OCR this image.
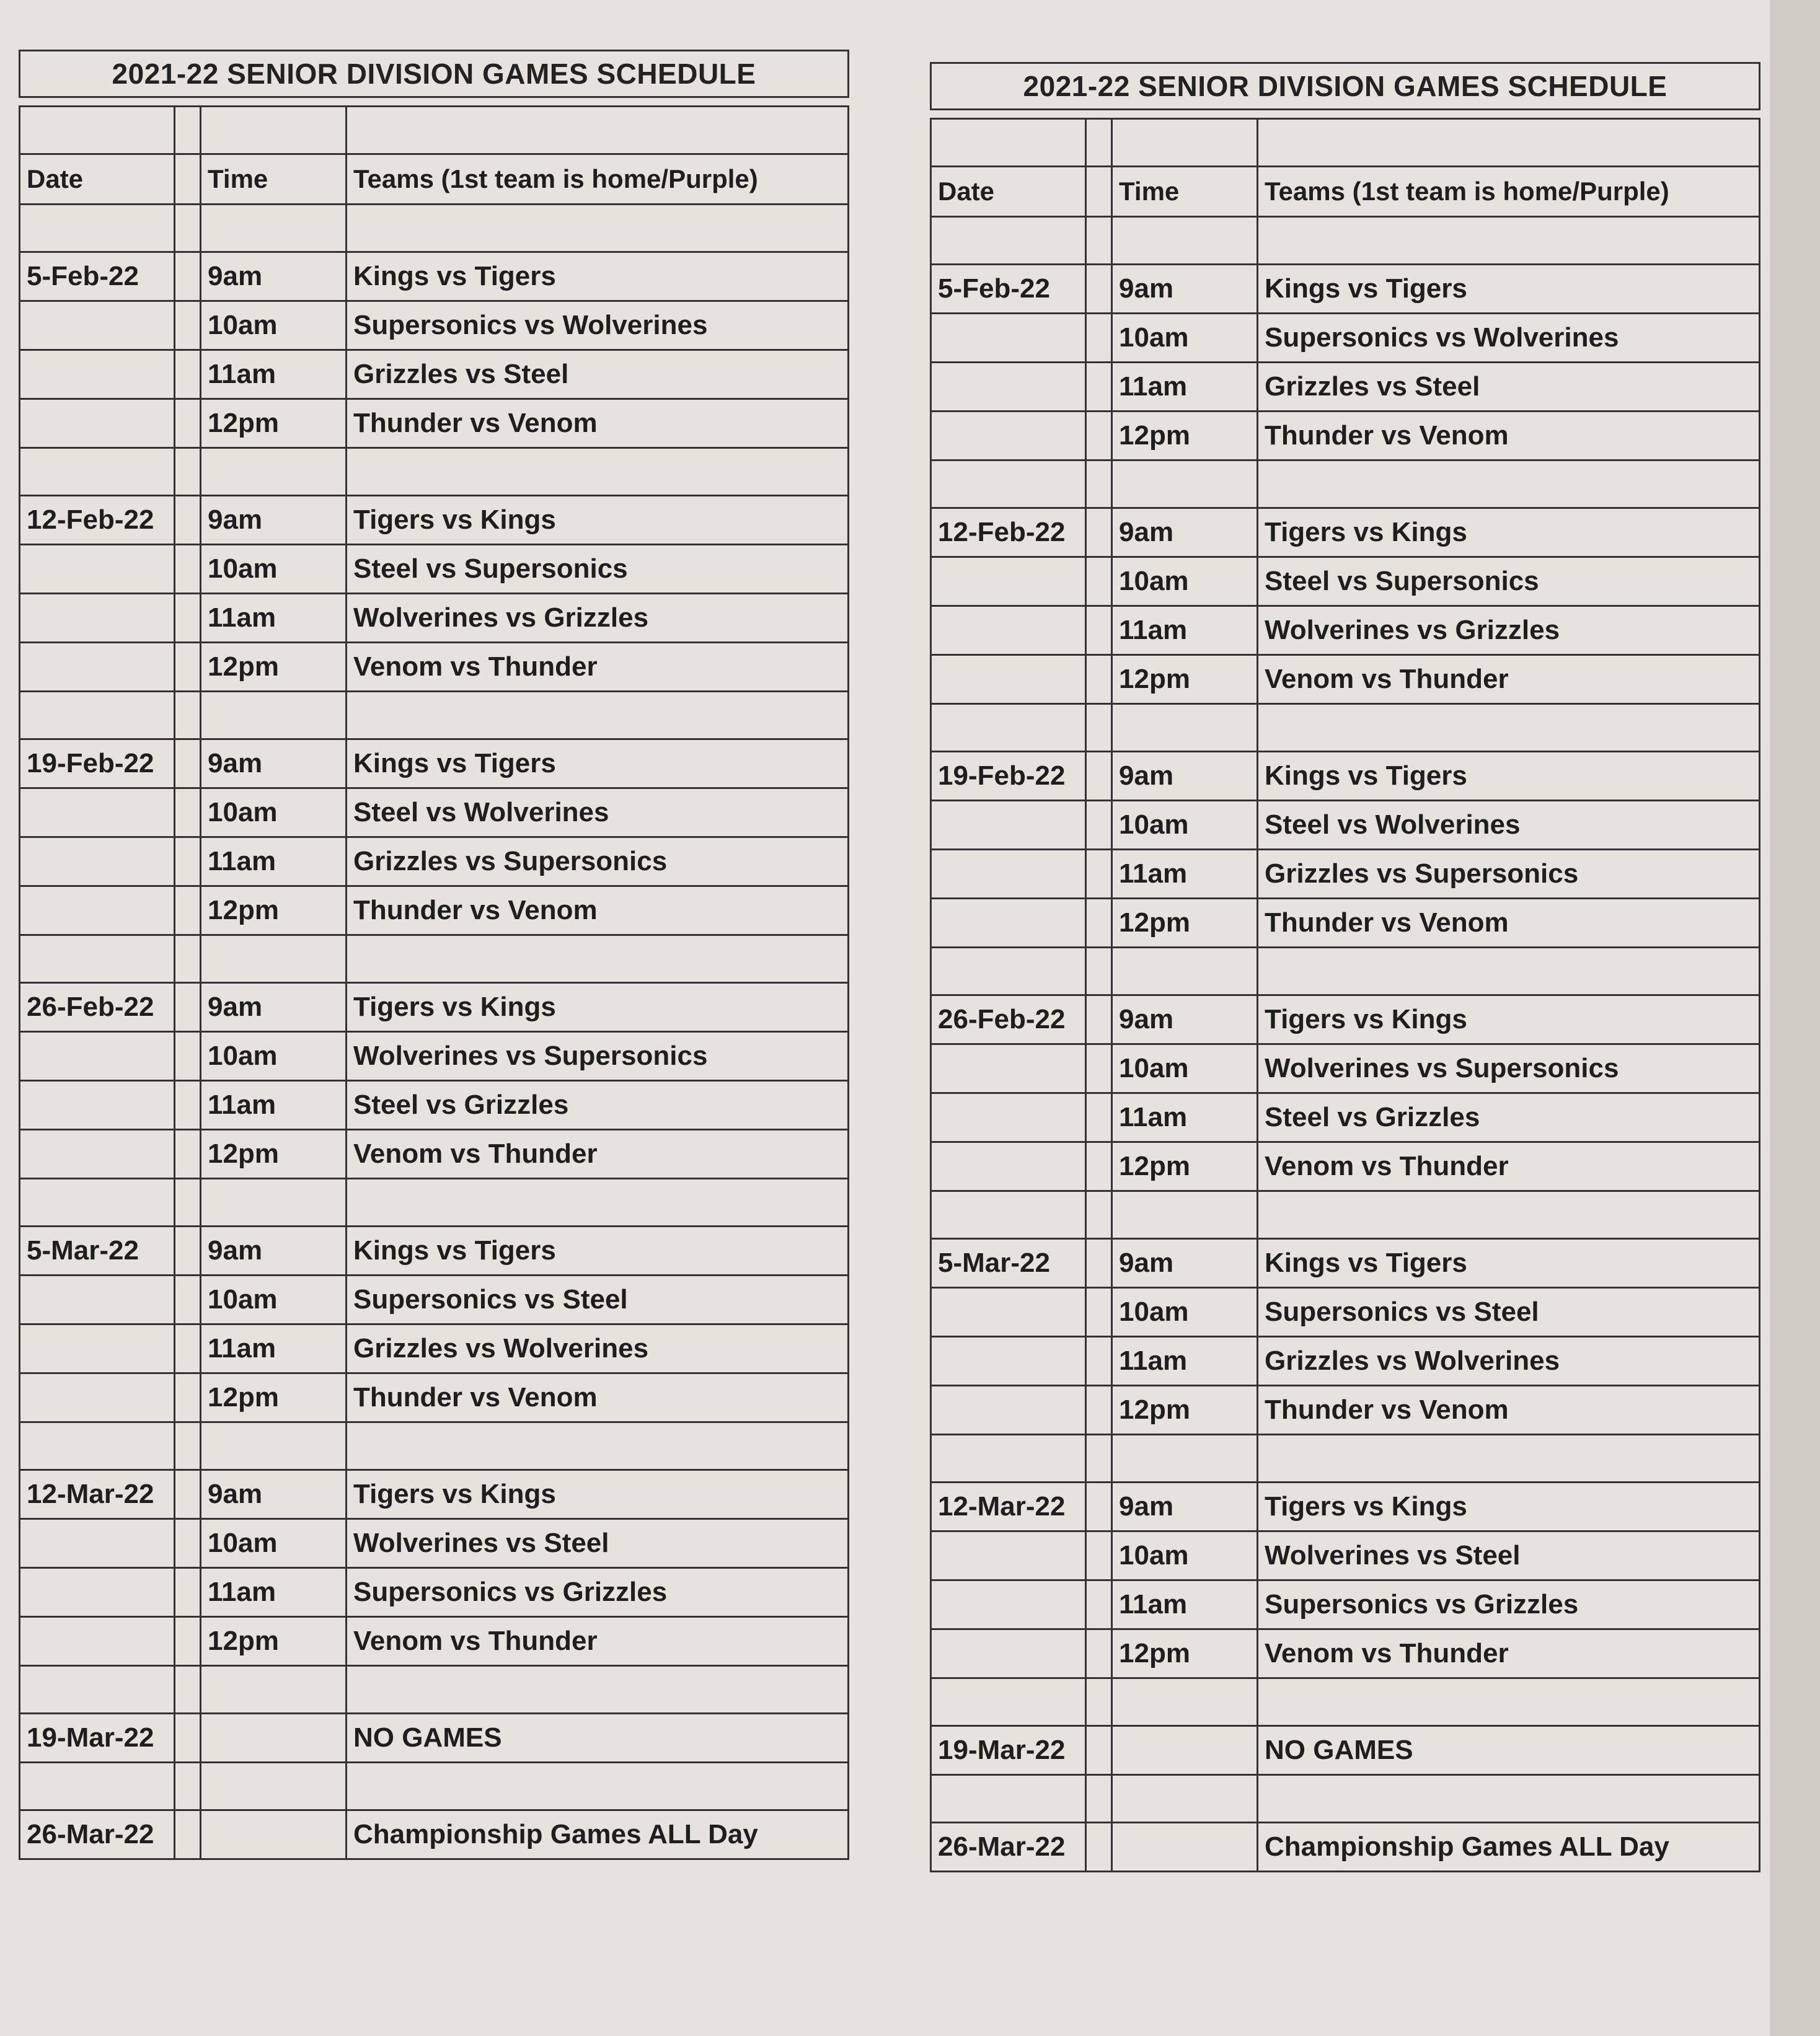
2021-22 SENIOR DIVISION GAMES SCHEDULE

Date		Time	Teams (1st team is home/Purple)

5-Feb-22		9am	Kings vs Tigers
		10am	Supersonics vs Wolverines
		11am	Grizzles vs Steel
		12pm	Thunder vs Venom

12-Feb-22		9am	Tigers vs Kings
		10am	Steel vs Supersonics
		11am	Wolverines vs Grizzles
		12pm	Venom vs Thunder

19-Feb-22		9am	Kings vs Tigers
		10am	Steel vs Wolverines
		11am	Grizzles vs Supersonics
		12pm	Thunder vs Venom

26-Feb-22		9am	Tigers vs Kings
		10am	Wolverines vs Supersonics
		11am	Steel vs Grizzles
		12pm	Venom vs Thunder

5-Mar-22		9am	Kings vs Tigers
		10am	Supersonics vs Steel
		11am	Grizzles vs Wolverines
		12pm	Thunder vs Venom

12-Mar-22		9am	Tigers vs Kings
		10am	Wolverines vs Steel
		11am	Supersonics vs Grizzles
		12pm	Venom vs Thunder

19-Mar-22			NO GAMES

26-Mar-22			Championship Games ALL Day
2021-22 SENIOR DIVISION GAMES SCHEDULE

Date		Time	Teams (1st team is home/Purple)

5-Feb-22		9am	Kings vs Tigers
		10am	Supersonics vs Wolverines
		11am	Grizzles vs Steel
		12pm	Thunder vs Venom

12-Feb-22		9am	Tigers vs Kings
		10am	Steel vs Supersonics
		11am	Wolverines vs Grizzles
		12pm	Venom vs Thunder

19-Feb-22		9am	Kings vs Tigers
		10am	Steel vs Wolverines
		11am	Grizzles vs Supersonics
		12pm	Thunder vs Venom

26-Feb-22		9am	Tigers vs Kings
		10am	Wolverines vs Supersonics
		11am	Steel vs Grizzles
		12pm	Venom vs Thunder

5-Mar-22		9am	Kings vs Tigers
		10am	Supersonics vs Steel
		11am	Grizzles vs Wolverines
		12pm	Thunder vs Venom

12-Mar-22		9am	Tigers vs Kings
		10am	Wolverines vs Steel
		11am	Supersonics vs Grizzles
		12pm	Venom vs Thunder

19-Mar-22			NO GAMES

26-Mar-22			Championship Games ALL Day
